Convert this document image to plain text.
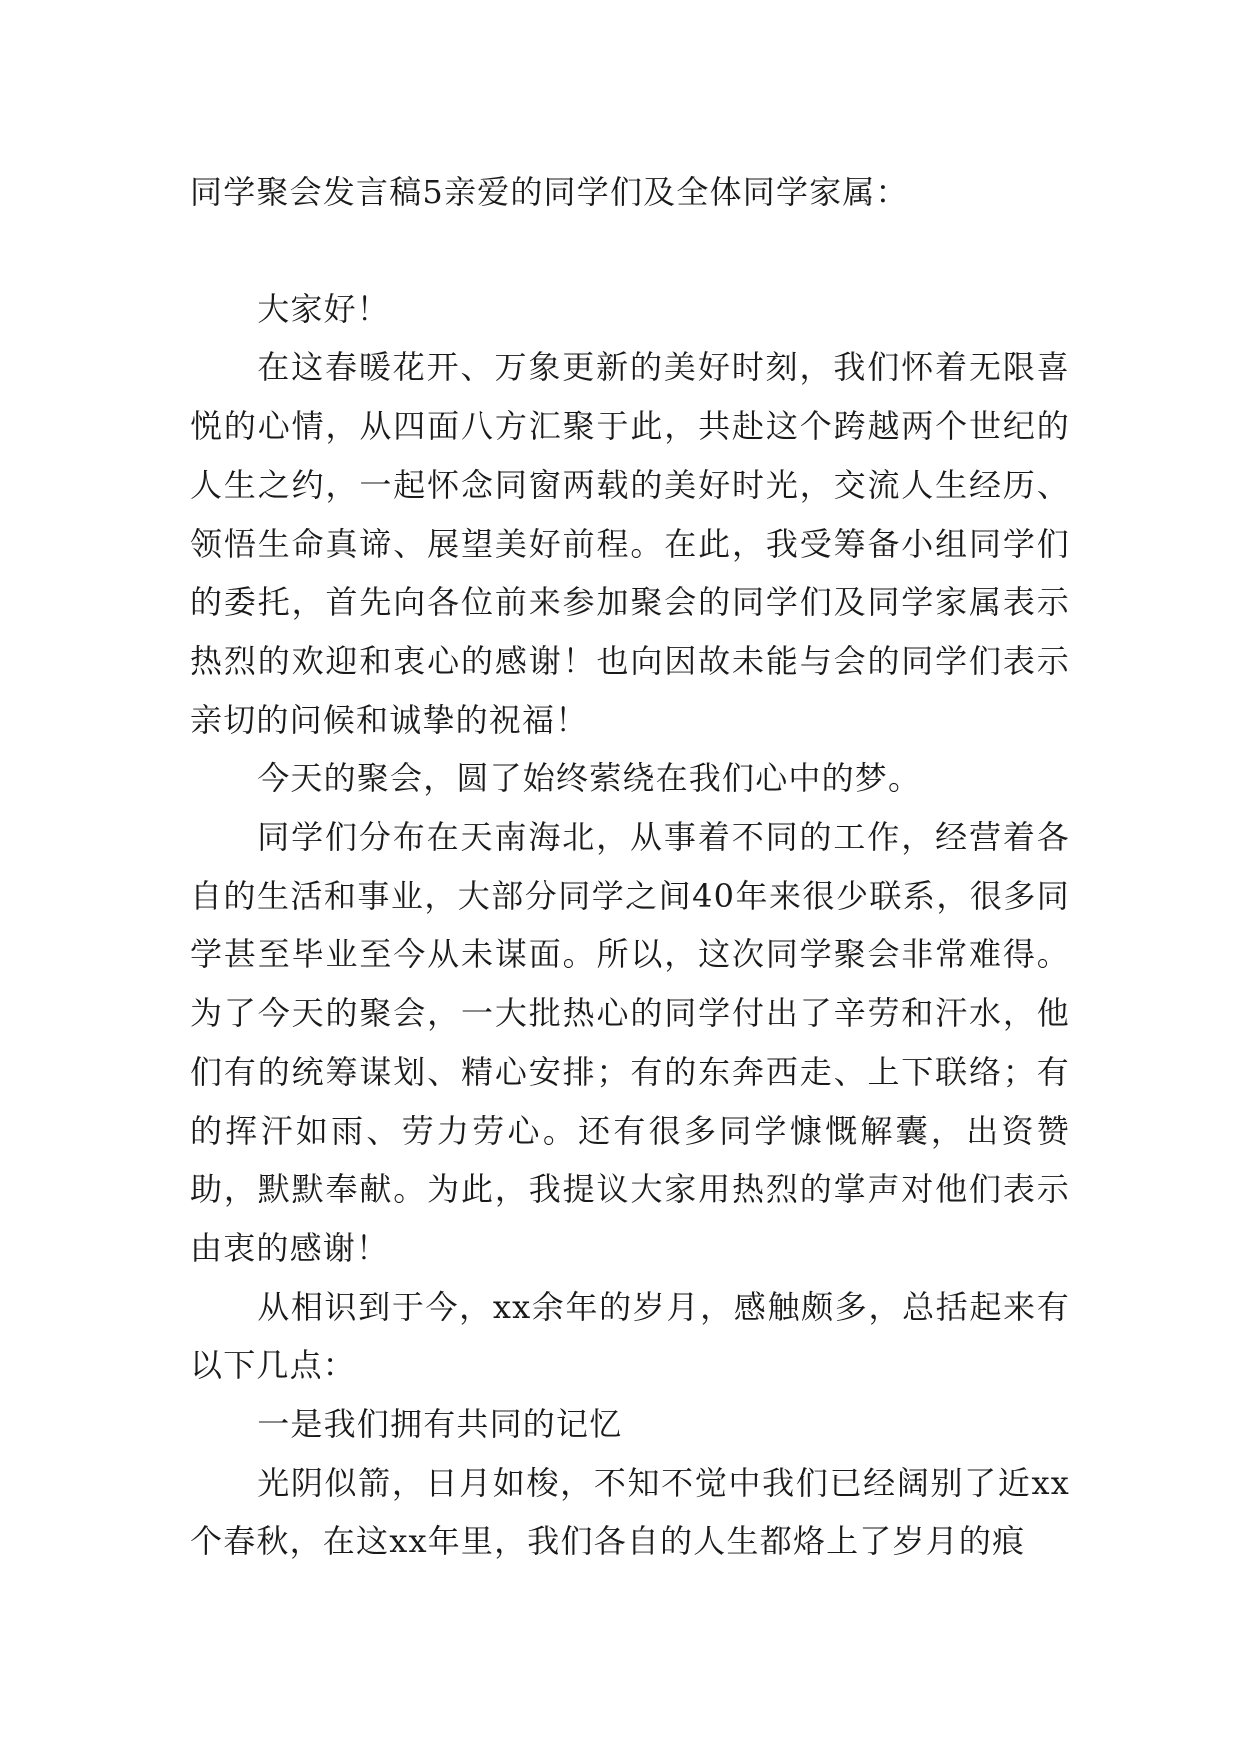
同学聚会发言稿5亲爱的同学们及全体同学家属：

大家好！

在这春暖花开、万象更新的美好时刻，我们怀着无限喜悦的心情，从四面八方汇聚于此，共赴这个跨越两个世纪的人生之约，一起怀念同窗两载的美好时光，交流人生经历、领悟生命真谛、展望美好前程。在此，我受筹备小组同学们的委托，首先向各位前来参加聚会的同学们及同学家属表示热烈的欢迎和衷心的感谢！也向因故未能与会的同学们表示亲切的问候和诚挚的祝福！

今天的聚会，圆了始终萦绕在我们心中的梦。

同学们分布在天南海北，从事着不同的工作，经营着各自的生活和事业，大部分同学之间40年来很少联系，很多同学甚至毕业至今从未谋面。所以，这次同学聚会非常难得。为了今天的聚会，一大批热心的同学付出了辛劳和汗水，他们有的统筹谋划、精心安排；有的东奔西走、上下联络；有的挥汗如雨、劳力劳心。还有很多同学慷慨解囊，出资赞助，默默奉献。为此，我提议大家用热烈的掌声对他们表示由衷的感谢！

从相识到于今，xx余年的岁月，感触颇多，总括起来有以下几点：

一是我们拥有共同的记忆

光阴似箭，日月如梭，不知不觉中我们已经阔别了近xx个春秋，在这xx年里，我们各自的人生都烙上了岁月的痕
